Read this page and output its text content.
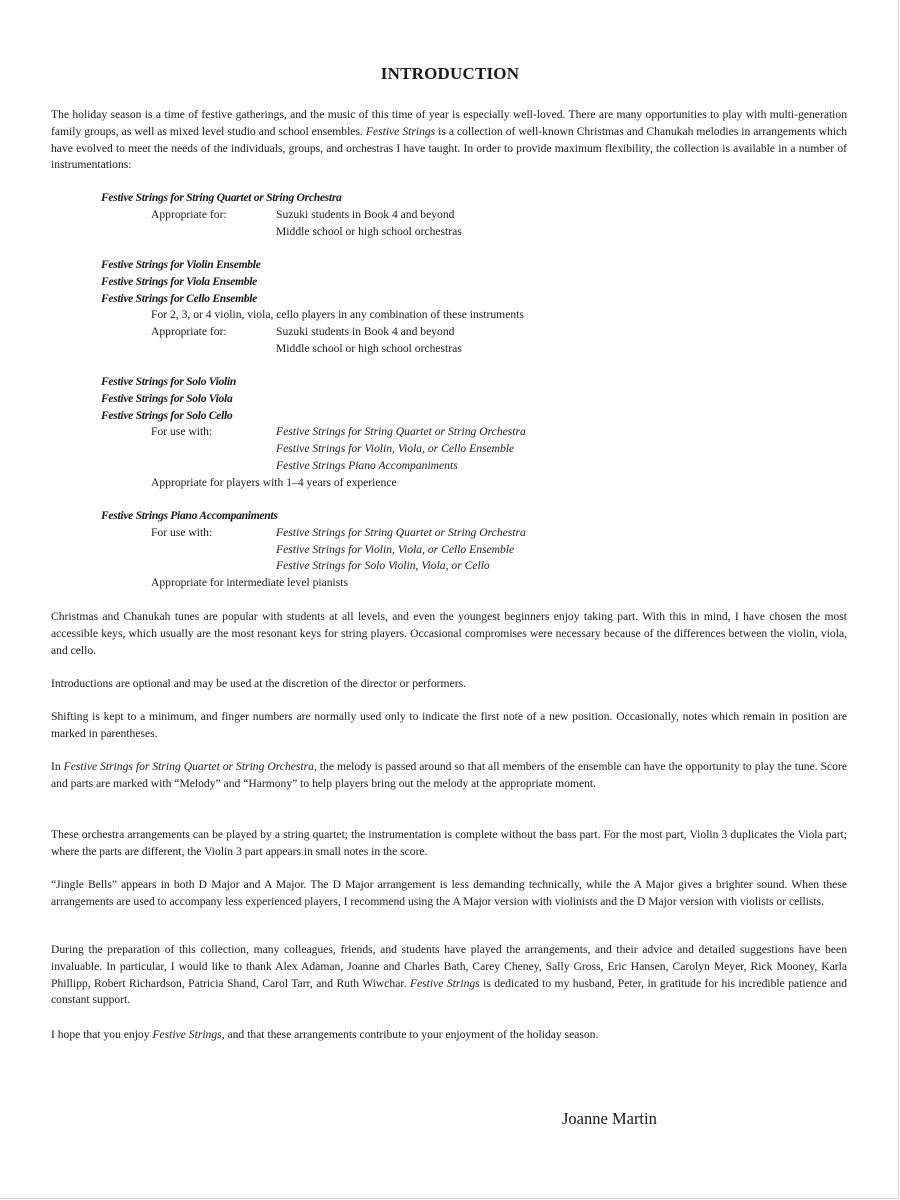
INTRODUCTION

The holiday season is a time of festive gatherings, and the music of this time of year is especially well-loved. There are many opportunities to play with multi-generation family groups, as well as mixed level studio and school ensembles. Festive Strings is a collection of well-known Christmas and Chanukah melodies in arrangements which have evolved to meet the needs of the individuals, groups, and orchestras I have taught. In order to provide maximum flexibility, the collection is available in a number of instrumentations:

Festive Strings for String Quartet or String Orchestra
Appropriate for:	Suzuki students in Book 4 and beyond
Middle school or high school orchestras
Festive Strings for Violin Ensemble
Festive Strings for Viola Ensemble
Festive Strings for Cello Ensemble
For 2, 3, or 4 violin, viola, cello players in any combination of these instruments
Appropriate for:	Suzuki students in Book 4 and beyond
Middle school or high school orchestras
Festive Strings for Solo Violin
Festive Strings for Solo Viola
Festive Strings for Solo Cello
For use with:	Festive Strings for String Quartet or String Orchestra
Festive Strings for Violin, Viola, or Cello Ensemble
Festive Strings Piano Accompaniments
Appropriate for players with 1–4 years of experience
Festive Strings Piano Accompaniments
For use with:	Festive Strings for String Quartet or String Orchestra
Festive Strings for Violin, Viola, or Cello Ensemble
Festive Strings for Solo Violin, Viola, or Cello
Appropriate for intermediate level pianists

Christmas and Chanukah tunes are popular with students at all levels, and even the youngest beginners enjoy taking part. With this in mind, I have chosen the most accessible keys, which usually are the most resonant keys for string players. Occasional compromises were necessary because of the differences between the violin, viola, and cello.

Introductions are optional and may be used at the discretion of the director or performers.

Shifting is kept to a minimum, and finger numbers are normally used only to indicate the first note of a new position. Occasionally, notes which remain in position are marked in parentheses.

In Festive Strings for String Quartet or String Orchestra, the melody is passed around so that all members of the ensemble can have the opportunity to play the tune. Score and parts are marked with “Melody” and “Harmony” to help players bring out the melody at the appropriate moment.

These orchestra arrangements can be played by a string quartet; the instrumentation is complete without the bass part. For the most part, Violin 3 duplicates the Viola part; where the parts are different, the Violin 3 part appears in small notes in the score.

“Jingle Bells” appears in both D Major and A Major. The D Major arrangement is less demanding technically, while the A Major gives a brighter sound. When these arrangements are used to accompany less experienced players, I recommend using the A Major version with violinists and the D Major version with violists or cellists.

During the preparation of this collection, many colleagues, friends, and students have played the arrangements, and their advice and detailed suggestions have been invaluable. In particular, I would like to thank Alex Adaman, Joanne and Charles Bath, Carey Cheney, Sally Gross, Eric Hansen, Carolyn Meyer, Rick Mooney, Karla Phillipp, Robert Richardson, Patricia Shand, Carol Tarr, and Ruth Wiwchar. Festive Strings is dedicated to my husband, Peter, in gratitude for his incredible patience and constant support.

I hope that you enjoy Festive Strings, and that these arrangements contribute to your enjoyment of the holiday season.

Joanne Martin
